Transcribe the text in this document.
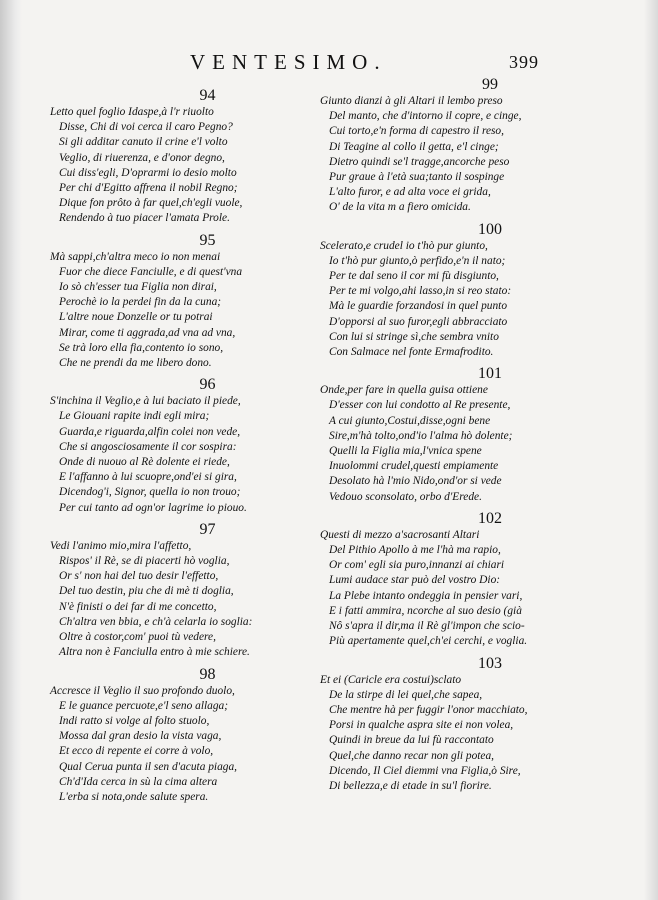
VENTESIMO.	399
94
Letto quel foglio Idaspe,à l'r riuolto
Disse, Chi di voi cerca il caro Pegno?
Si gli additar canuto il crine e'l volto
Veglio, di riuerenza, e d'onor degno,
Cui diss'egli, D'oprarmi io desio molto
Per chi d'Egitto affrena il nobil Regno;
Dique fon prôto à far quel,ch'egli vuole,
Rendendo à tuo piacer l'amata Prole.
95
Mà sappi,ch'altra meco io non menai
Fuor che diece Fanciulle, e di quest'vna
Io sò ch'esser tua Figlia non dirai,
Perochè io la perdei fin da la cuna;
L'altre noue Donzelle or tu potrai
Mirar, come ti aggrada,ad vna ad vna,
Se trà loro ella fia,contento io sono,
Che ne prendi da me libero dono.
96
S'inchina il Veglio,e à lui baciato il piede,
Le Giouani rapite indi egli mira;
Guarda,e riguarda,alfin colei non vede,
Che si angosciosamente il cor sospira:
Onde di nuouo al Rè dolente ei riede,
E l'affanno à lui scuopre,ond'ei si gira,
Dicendog'i, Signor, quella io non trouo;
Per cui tanto ad ogn'or lagrime io piouo.
97
Vedi l'animo mio,mira l'affetto,
Rispos' il Rè, se di piacerti hò voglia,
Or s' non hai del tuo desir l'effetto,
Del tuo destin, piu che di mè ti doglia,
N'è finisti o dei far di me concetto,
Ch'altra ven bbia, e ch'à celarla io soglia:
Oltre à costor,com' puoi tù vedere,
Altra non è Fanciulla entro à mie schiere.
98
Accresce il Veglio il suo profondo duolo,
E le guance percuote,e'l seno allaga;
Indi ratto si volge al folto stuolo,
Mossa dal gran desio la vista vaga,
Et ecco di repente ei corre à volo,
Qual Cerua punta il sen d'acuta piaga,
Ch'd'Ida cerca in sù la cima altera
L'erba si nota,onde salute spera.
99
Giunto dianzi à gli Altari il lembo preso
Del manto, che d'intorno il copre, e cinge,
Cui torto,e'n forma di capestro il reso,
Di Teagine al collo il getta, e'l cinge;
Dietro quindi se'l tragge,ancorche peso
Pur graue à l'età sua;tanto il sospinge
L'alto furor, e ad alta voce ei grida,
O' de la vita m a fiero omicida.
100
Scelerato,e crudel io t'hò pur giunto,
Io t'hò pur giunto,ò perfido,e'n il nato;
Per te dal seno il cor mi fù disgiunto,
Per te mi volgo,ahi lasso,in si reo stato:
Mà le guardie forzandosi in quel punto
D'opporsi al suo furor,egli abbracciato
Con lui si stringe sì,che sembra vnito
Con Salmace nel fonte Ermafrodito.
101
Onde,per fare in quella guisa ottiene
D'esser con lui condotto al Re presente,
A cui giunto,Costui,disse,ogni bene
Sire,m'hà tolto,ond'io l'alma hò dolente;
Quelli la Figlia mia,l'vnica spene
Inuolommi crudel,questi empiamente
Desolato hà l'mio Nido,ond'or si vede
Vedouo sconsolato, orbo d'Erede.
102
Questi di mezzo a'sacrosanti Altari
Del Pithio Apollo à me l'hà ma rapio,
Or com' egli sia puro,innanzi ai chiari
Lumi audace star può del vostro Dio:
La Plebe intanto ondeggia in pensier vari,
E i fatti ammira, ncorche al suo desio (già
Nô s'apra il dir,ma il Rè gl'impon che scio-
Più apertamente quel,ch'ei cerchi, e voglia.
103
Et ei (Caricle era costui)sclato
De la stirpe di lei quel,che sapea,
Che mentre hà per fuggir l'onor macchiato,
Porsi in qualche aspra site ei non volea,
Quindi in breue da lui fù raccontato
Quel,che danno recar non gli potea,
Dicendo, Il Ciel diemmi vna Figlia,ò Sire,
Di bellezza,e di etade in su'l fiorire.
